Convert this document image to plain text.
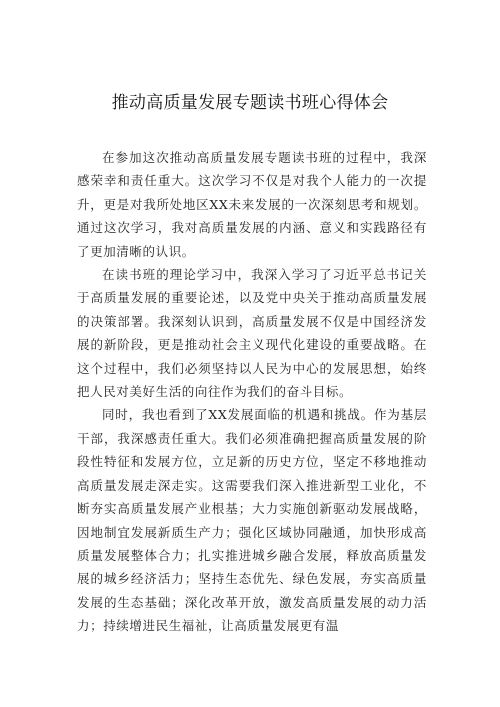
推动高质量发展专题读书班心得体会

在参加这次推动高质量发展专题读书班的过程中，我深感荣幸和责任重大。这次学习不仅是对我个人能力的一次提升，更是对我所处地区XX未来发展的一次深刻思考和规划。通过这次学习，我对高质量发展的内涵、意义和实践路径有了更加清晰的认识。

在读书班的理论学习中，我深入学习了习近平总书记关于高质量发展的重要论述，以及党中央关于推动高质量发展的决策部署。我深刻认识到，高质量发展不仅是中国经济发展的新阶段，更是推动社会主义现代化建设的重要战略。在这个过程中，我们必须坚持以人民为中心的发展思想，始终把人民对美好生活的向往作为我们的奋斗目标。

同时，我也看到了XX发展面临的机遇和挑战。作为基层干部，我深感责任重大。我们必须准确把握高质量发展的阶段性特征和发展方位，立足新的历史方位，坚定不移地推动高质量发展走深走实。这需要我们深入推进新型工业化，不断夯实高质量发展产业根基；大力实施创新驱动发展战略，因地制宜发展新质生产力；强化区域协同融通，加快形成高质量发展整体合力；扎实推进城乡融合发展，释放高质量发展的城乡经济活力；坚持生态优先、绿色发展，夯实高质量发展的生态基础；深化改革开放，激发高质量发展的动力活力；持续增进民生福祉，让高质量发展更有温
